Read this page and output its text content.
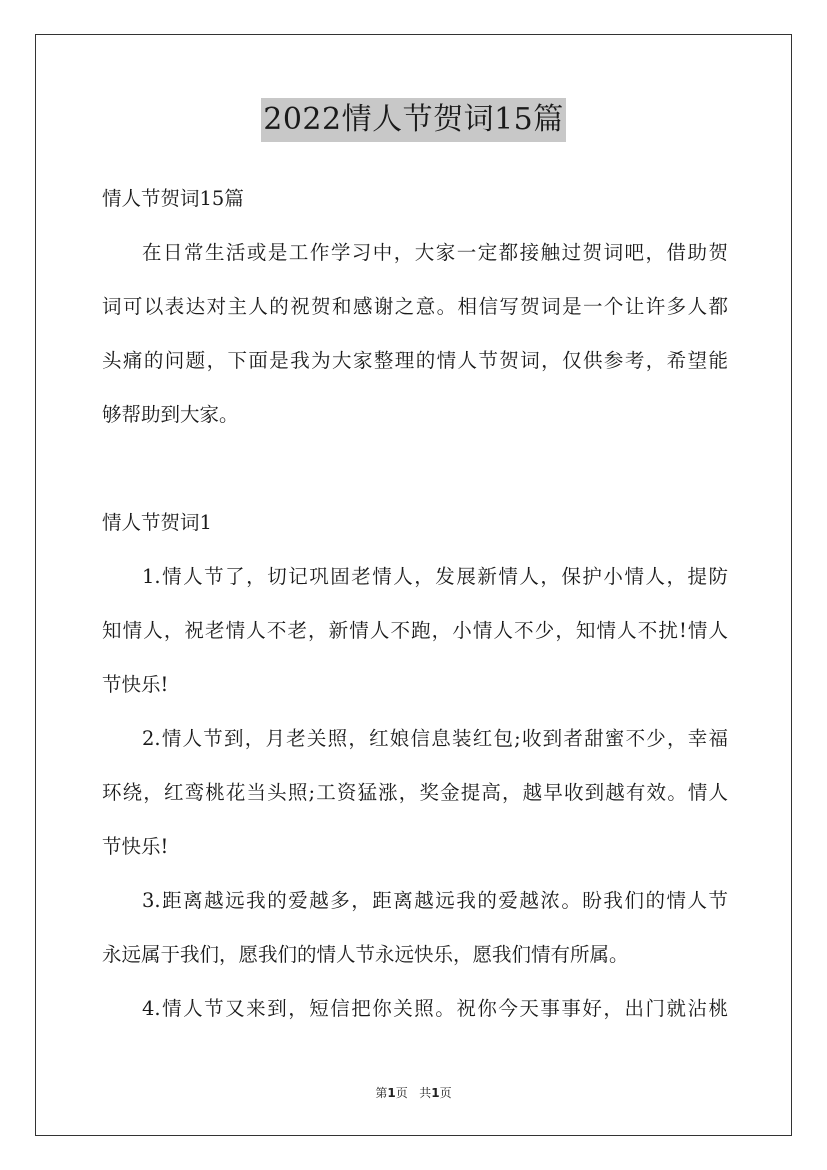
2022情人节贺词15篇
情人节贺词15篇
在日常生活或是工作学习中，大家一定都接触过贺词吧，借助贺
词可以表达对主人的祝贺和感谢之意。相信写贺词是一个让许多人都
头痛的问题，下面是我为大家整理的情人节贺词，仅供参考，希望能
够帮助到大家。
情人节贺词1
1.情人节了，切记巩固老情人，发展新情人，保护小情人，提防
知情人，祝老情人不老，新情人不跑，小情人不少，知情人不扰!情人
节快乐!
2.情人节到，月老关照，红娘信息装红包;收到者甜蜜不少，幸福
环绕，红鸾桃花当头照;工资猛涨，奖金提高，越早收到越有效。情人
节快乐!
3.距离越远我的爱越多，距离越远我的爱越浓。盼我们的情人节
永远属于我们，愿我们的情人节永远快乐，愿我们情有所属。
4.情人节又来到，短信把你关照。祝你今天事事好，出门就沾桃
第1页 共1页
